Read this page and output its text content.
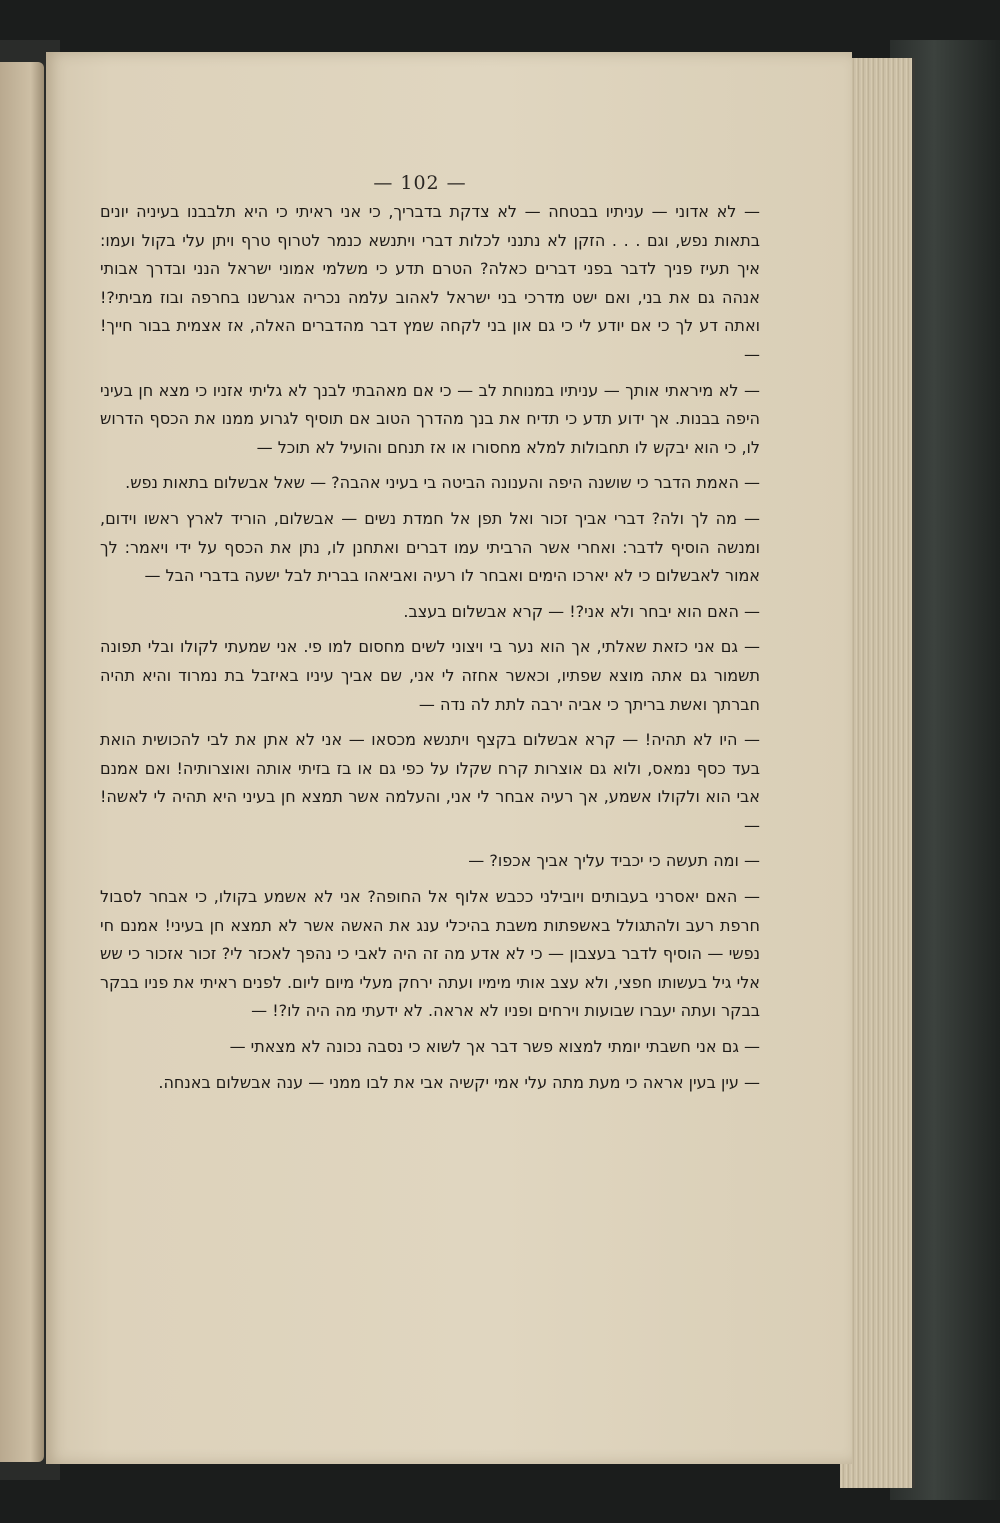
— 102 —

— לא אדוני — עניתיו בבטחה — לא צדקת בדבריך, כי אני ראיתי כי היא תלבבנו בעיניה יונים בתאות נפש, וגם . . . הזקן לא נתנני לכלות דברי ויתנשא כנמר לטרוף טרף ויתן עלי בקול ועמו: איך תעיז פניך לדבר בפני דברים כאלה? הטרם תדע כי משלמי אמוני ישראל הנני ובדרך אבותי אנהה גם את בני, ואם ישט מדרכי בני ישראל לאהוב עלמה נכריה אגרשנו בחרפה ובוז מביתי?! ואתה דע לך כי אם יודע לי כי גם און בני לקחה שמץ דבר מהדברים האלה, אז אצמית בבור חייך! —

— לא מיראתי אותך — עניתיו במנוחת לב — כי אם מאהבתי לבנך לא גליתי אזניו כי מצא חן בעיני היפה בבנות. אך ידוע תדע כי תדיח את בנך מהדרך הטוב אם תוסיף לגרוע ממנו את הכסף הדרוש לו, כי הוא יבקש לו תחבולות למלא מחסורו או אז תנחם והועיל לא תוכל —

— האמת הדבר כי שושנה היפה והענונה הביטה בי בעיני אהבה? — שאל אבשלום בתאות נפש.

— מה לך ולה? דברי אביך זכור ואל תפן אל חמדת נשים — אבשלום, הוריד לארץ ראשו וידום, ומנשה הוסיף לדבר: ואחרי אשר הרביתי עמו דברים ואתחנן לו, נתן את הכסף על ידי ויאמר: לך אמור לאבשלום כי לא יארכו הימים ואבחר לו רעיה ואביאהו בברית לבל ישעה בדברי הבל —

— האם הוא יבחר ולא אני?! — קרא אבשלום בעצב.

— גם אני כזאת שאלתי, אך הוא נער בי ויצוני לשים מחסום למו פי. אני שמעתי לקולו ובלי תפונה תשמור גם אתה מוצא שפתיו, וכאשר אחזה לי אני, שם אביך עיניו באיזבל בת נמרוד והיא תהיה חברתך ואשת בריתך כי אביה ירבה לתת לה נדה —

— היו לא תהיה! — קרא אבשלום בקצף ויתנשא מכסאו — אני לא אתן את לבי להכושית הואת בעד כסף נמאס, ולוא גם אוצרות קרח שקלו על כפי גם או בז בזיתי אותה ואוצרותיה! ואם אמנם אבי הוא ולקולו אשמע, אך רעיה אבחר לי אני, והעלמה אשר תמצא חן בעיני היא תהיה לי לאשה! —

— ומה תעשה כי יכביד עליך אביך אכפו? —

— האם יאסרני בעבותים ויובילני ככבש אלוף אל החופה? אני לא אשמע בקולו, כי אבחר לסבול חרפת רעב ולהתגולל באשפתות משבת בהיכלי ענג את האשה אשר לא תמצא חן בעיני! אמנם חי נפשי — הוסיף לדבר בעצבון — כי לא אדע מה זה היה לאבי כי נהפך לאכזר לי? זכור אזכור כי שש אלי גיל בעשותו חפצי, ולא עצב אותי מימיו ועתה ירחק מעלי מיום ליום. לפנים ראיתי את פניו בבקר בבקר ועתה יעברו שבועות וירחים ופניו לא אראה. לא ידעתי מה היה לו?! —

— גם אני חשבתי יומתי למצוא פשר דבר אך לשוא כי נסבה נכונה לא מצאתי —

— עין בעין אראה כי מעת מתה עלי אמי יקשיה אבי את לבו ממני — ענה אבשלום באנחה.
